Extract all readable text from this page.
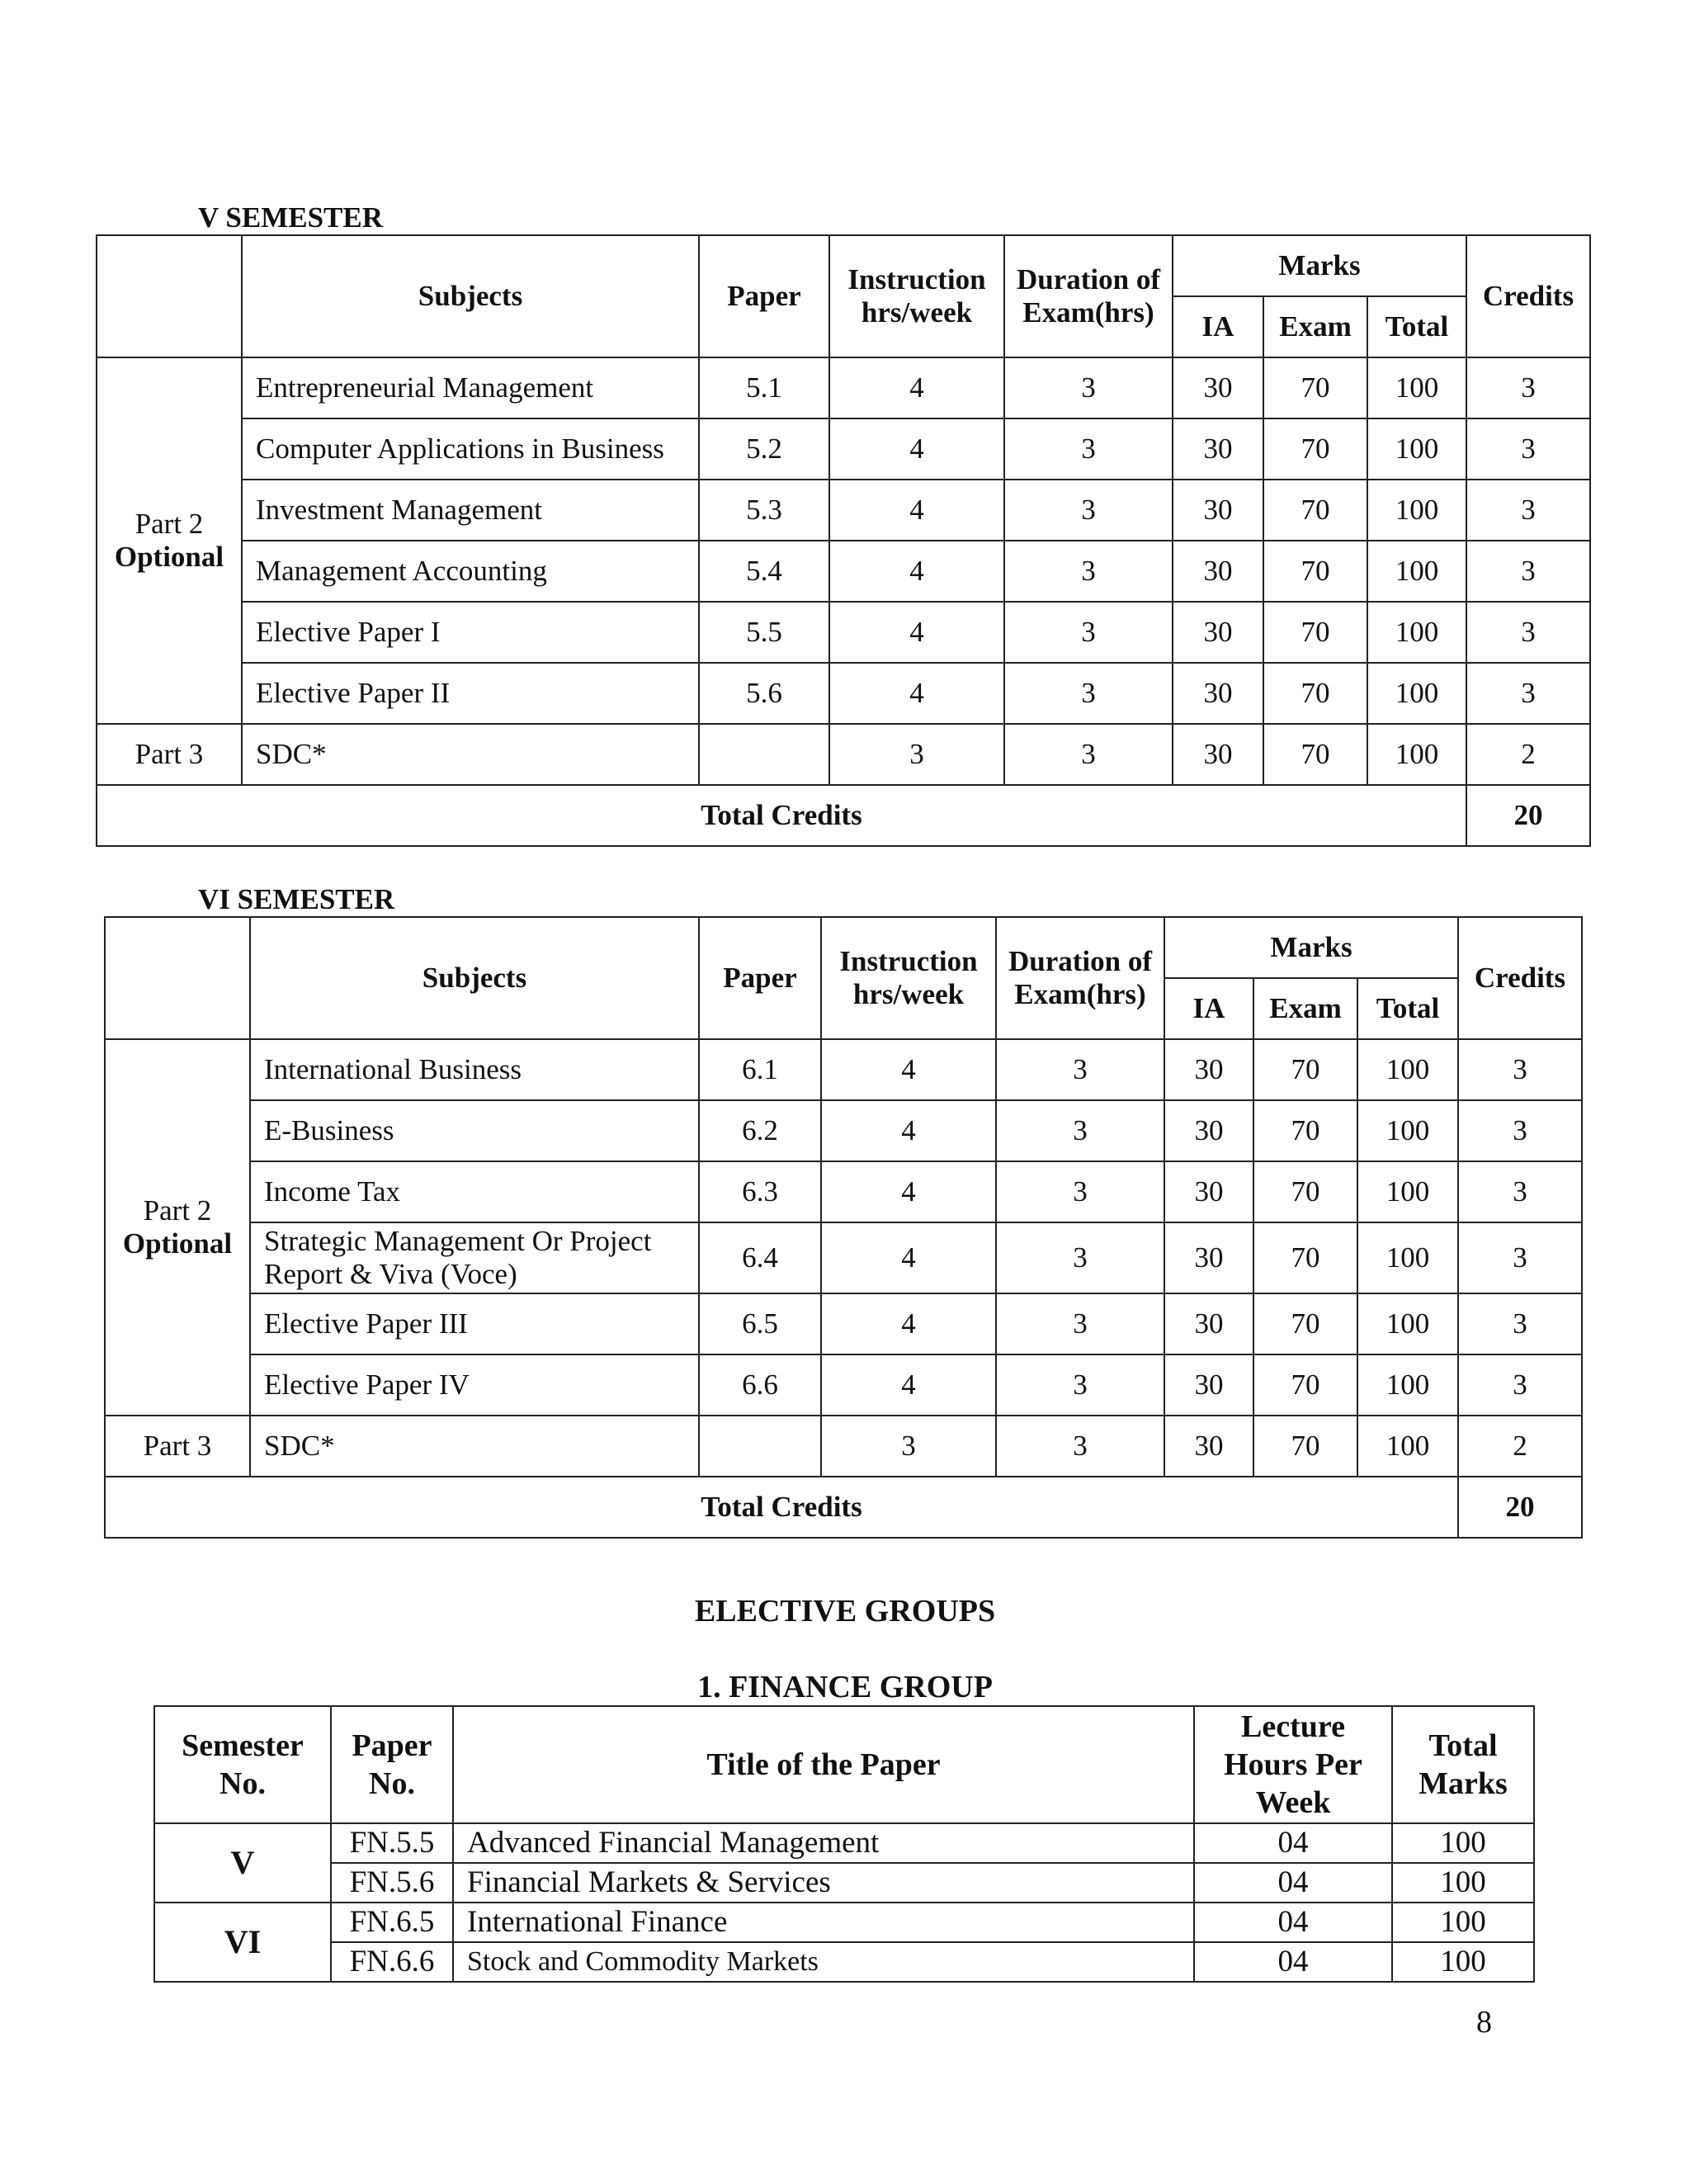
V SEMESTER
	Subjects	Paper	Instruction hrs/week	Duration of Exam(hrs)	Marks			Credits
					IA	Exam	Total	

Part 2
Optional	Entrepreneurial Management	5.1	4	3	30	70	100	3
	Computer Applications in Business	5.2	4	3	30	70	100	3
	Investment Management	5.3	4	3	30	70	100	3
	Management Accounting	5.4	4	3	30	70	100	3
	Elective Paper I	5.5	4	3	30	70	100	3
	Elective Paper II	5.6	4	3	30	70	100	3
Part 3	SDC*		3	3	30	70	100	2
Total Credits								20
VI SEMESTER
	Subjects	Paper	Instruction hrs/week	Duration of Exam(hrs)	Marks			Credits
					IA	Exam	Total	

Part 2
Optional	International Business	6.1	4	3	30	70	100	3
	E-Business	6.2	4	3	30	70	100	3
	Income Tax	6.3	4	3	30	70	100	3
	Strategic Management Or Project Report & Viva (Voce)	6.4	4	3	30	70	100	3
	Elective Paper III	6.5	4	3	30	70	100	3
	Elective Paper IV	6.6	4	3	30	70	100	3
Part 3	SDC*		3	3	30	70	100	2
Total Credits								20
ELECTIVE GROUPS
1. FINANCE GROUP
Semester No.	Paper No.	Title of the Paper	Lecture Hours Per Week	Total Marks
V	FN.5.5	Advanced Financial Management	04	100
	FN.5.6	Financial Markets & Services	04	100
VI	FN.6.5	International Finance	04	100
	FN.6.6	Stock and Commodity Markets	04	100
8
